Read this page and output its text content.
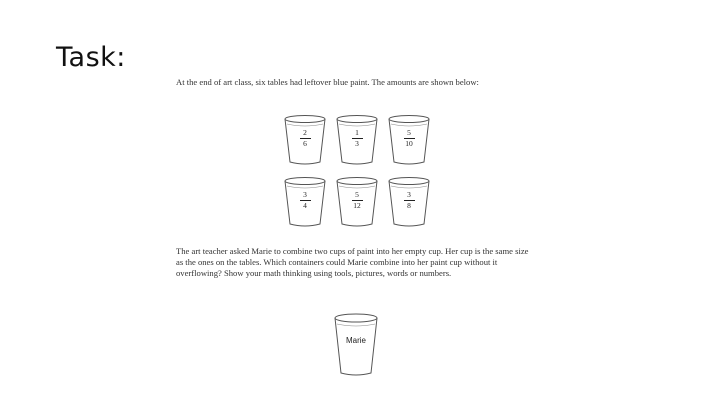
Task:
At the end of art class, six tables had leftover blue paint. The amounts are shown below:
2
6
1
3
5
10
3
4
5
12
3
8
The art teacher asked Marie to combine two cups of paint into her empty cup. Her cup is the same size as the ones on the tables. Which containers could Marie combine into her paint cup without it overflowing? Show your math thinking using tools, pictures, words or numbers.
Marie
